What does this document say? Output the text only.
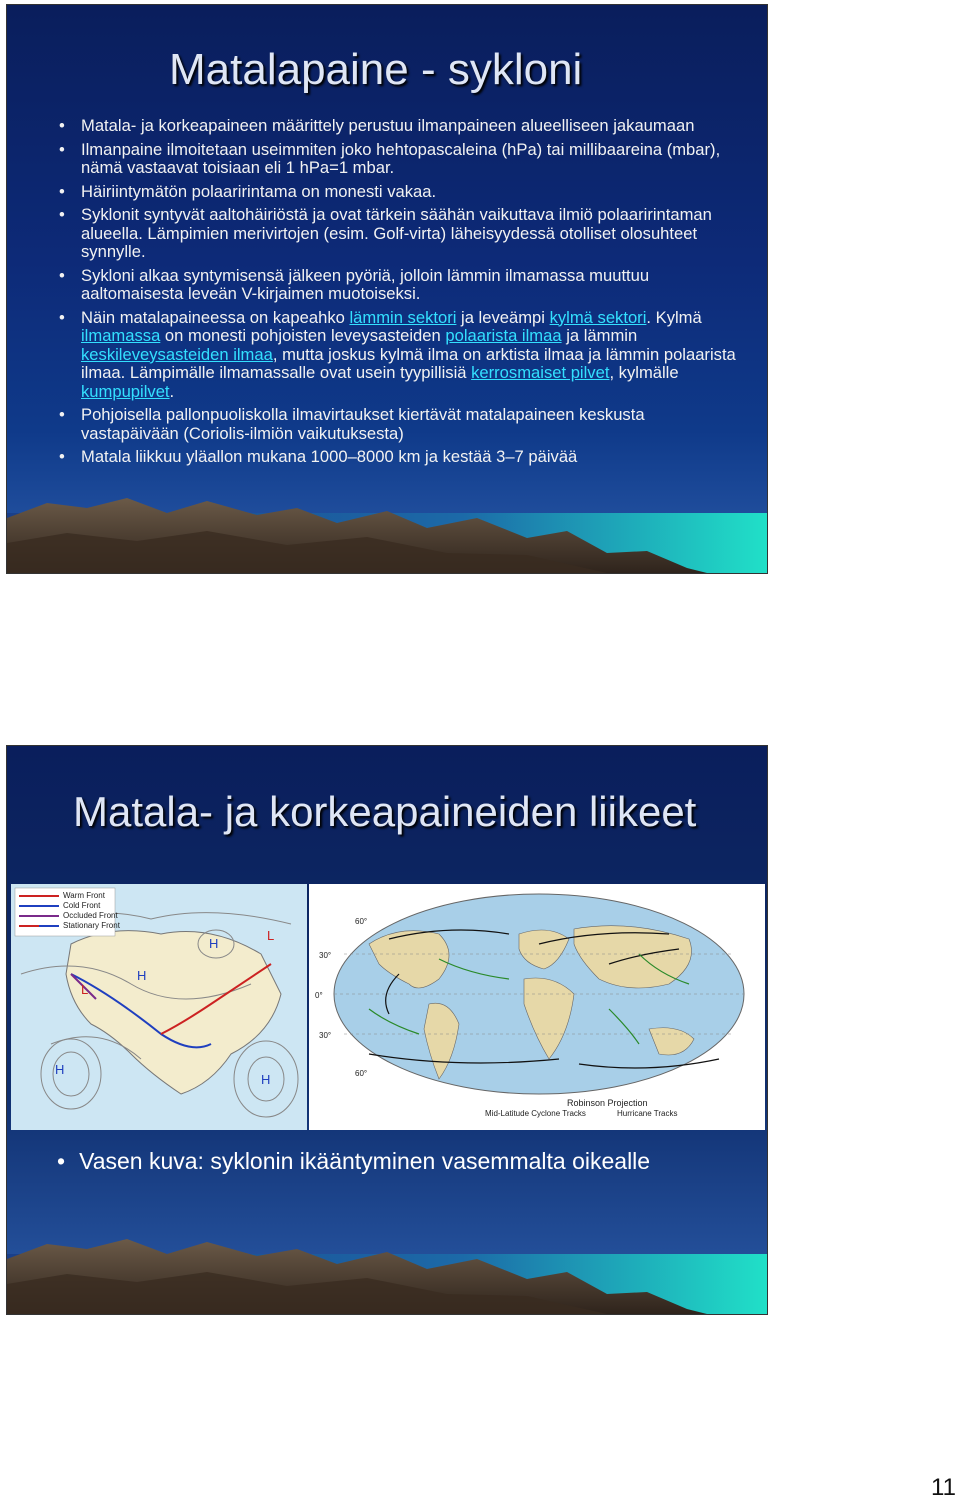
Matalapaine - sykloni
• Matala- ja korkeapaineen määrittely perustuu ilmanpaineen alueelliseen jakaumaan
• Ilmanpaine ilmoitetaan useimmiten joko hehtopascaleina (hPa) tai millibaareina (mbar), nämä vastaavat toisiaan eli 1 hPa=1 mbar.
• Häiriintymätön polaaririntama on monesti vakaa.
• Syklonit syntyvät aaltohäiriöstä ja ovat tärkein säähän vaikuttava ilmiö polaaririntaman alueella. Lämpimien merivirtojen (esim. Golf-virta) läheisyydessä otolliset olosuhteet synnylle.
• Sykloni alkaa syntymisensä jälkeen pyöriä, jolloin lämmin ilmamassa muuttuu aaltomaisesta leveän V-kirjaimen muotoiseksi.
• Näin matalapaineessa on kapeahko lämmin sektori ja leveämpi kylmä sektori. Kylmä ilmamassa on monesti pohjoisten leveysasteiden polaarista ilmaa ja lämmin keskileveysasteiden ilmaa, mutta joskus kylmä ilma on arktista ilmaa ja lämmin polaarista ilmaa. Lämpimälle ilmamassalle ovat usein tyypillisiä kerrosmaiset pilvet, kylmälle kumpupilvet.
• Pohjoisella pallonpuoliskolla ilmavirtaukset kiertävät matalapaineen keskusta vastapäivään (Coriolis-ilmiön vaikutuksesta)
• Matala liikkuu yläallon mukana 1000–8000 km ja kestää 3–7 päivää
Matala- ja korkeapaineiden liikeet
Warm Front
Cold Front
Occluded Front
Stationary Front
H
H
H
H
L
L
60°
30°
0°
30°
60°
Robinson Projection
Mid-Latitude Cyclone Tracks	Hurricane Tracks
• Vasen kuva: syklonin ikääntyminen vasemmalta oikealle
11
